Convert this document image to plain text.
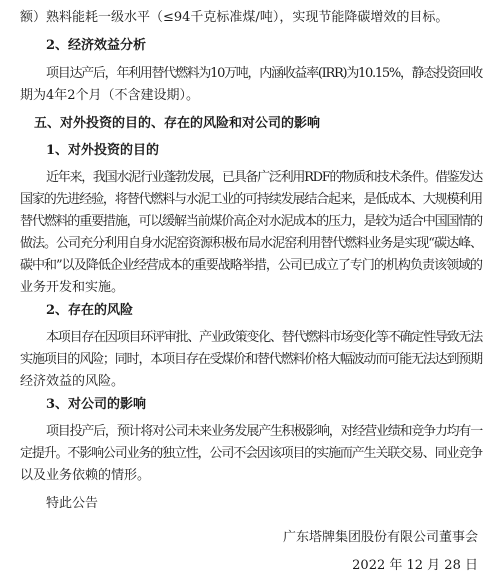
额）熟料能耗一级水平（≤94千克标准煤/吨），实现节能降碳增效的目标。
2、经济效益分析
项目达产后，年利用替代燃料为10万吨，内涵收益率(IRR)为10.15%，静态投资回收
期为4年2个月（不含建设期）。
五、对外投资的目的、存在的风险和对公司的影响
1、对外投资的目的
近年来，我国水泥行业蓬勃发展，已具备广泛利用RDF的物质和技术条件。借鉴发达
国家的先进经验，将替代燃料与水泥工业的可持续发展结合起来，是低成本、大规模利用
替代燃料的重要措施，可以缓解当前煤价高企对水泥成本的压力，是较为适合中国国情的
做法。公司充分利用自身水泥窑资源积极布局水泥窑利用替代燃料业务是实现“碳达峰、
碳中和”以及降低企业经营成本的重要战略举措，公司已成立了专门的机构负责该领域的
业务开发和实施。
2、存在的风险
本项目存在因项目环评审批、产业政策变化、替代燃料市场变化等不确定性导致无法
实施项目的风险；同时，本项目存在受煤价和替代燃料价格大幅波动而可能无法达到预期
经济效益的风险。
3、对公司的影响
项目投产后，预计将对公司未来业务发展产生积极影响，对经营业绩和竞争力均有一
定提升。不影响公司业务的独立性，公司不会因该项目的实施而产生关联交易、同业竞争
以及业务依赖的情形。
特此公告
广东塔牌集团股份有限公司董事会
2022 年 12 月 28 日
